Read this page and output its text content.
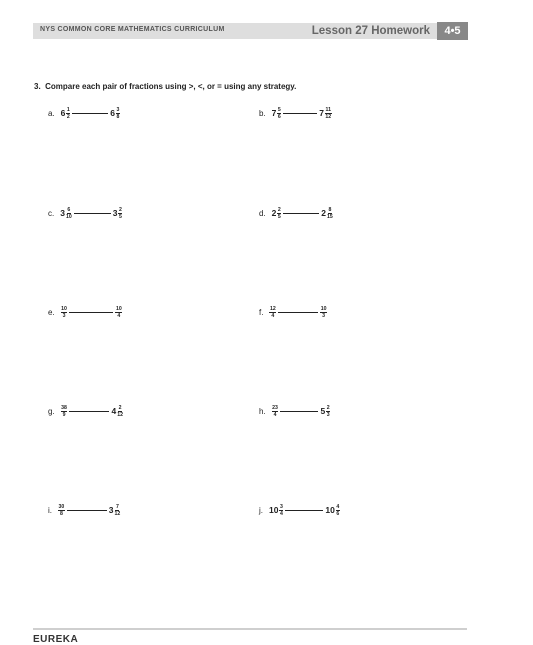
NYS COMMON CORE MATHEMATICS CURRICULUM	Lesson 27 Homework	4•5
3. Compare each pair of fractions using >, <, or = using any strategy.
a. $6 \frac{1}{2}$	$6 \frac{3}{8}$	b. $7 \frac{5}{6}$	$7 \frac{11}{12}$
c. $3 \frac{6}{10}$	$3 \frac{2}{5}$	d. $2 \frac{2}{5}$	$2 \frac{8}{15}$
e. $\frac{10}{3}$	$\frac{10}{4}$	f. $\frac{12}{4}$	$\frac{10}{3}$
g. $\frac{38}{9}$	$4 \frac{2}{12}$	h. $\frac{23}{4}$	$5 \frac{2}{3}$
i. $\frac{30}{8}$	$3 \frac{7}{12}$	j. $10 \frac{3}{4}$	$10 \frac{4}{6}$
EUREKA
